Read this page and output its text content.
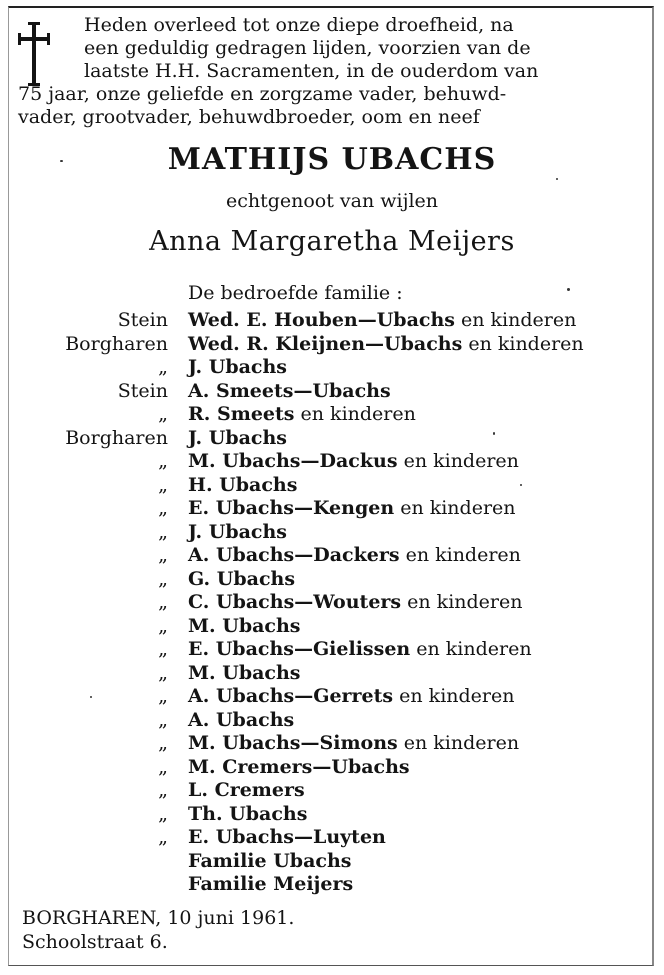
Heden overleed tot onze diepe droefheid, na
een geduldig gedragen lijden, voorzien van de
laatste H.H. Sacramenten, in de ouderdom van
75 jaar, onze geliefde en zorgzame vader, behuwd-
vader, grootvader, behuwdbroeder, oom en neef
MATHIJS UBACHS
echtgenoot van wijlen
Anna Margaretha Meijers
De bedroefde familie :
Stein Wed. E. Houben—Ubachs en kinderen
Borgharen Wed. R. Kleijnen—Ubachs en kinderen
„ J. Ubachs
Stein A. Smeets—Ubachs
„ R. Smeets en kinderen
Borgharen J. Ubachs
„ M. Ubachs—Dackus en kinderen
„ H. Ubachs
„ E. Ubachs—Kengen en kinderen
„ J. Ubachs
„ A. Ubachs—Dackers en kinderen
„ G. Ubachs
„ C. Ubachs—Wouters en kinderen
„ M. Ubachs
„ E. Ubachs—Gielissen en kinderen
„ M. Ubachs
„ A. Ubachs—Gerrets en kinderen
„ A. Ubachs
„ M. Ubachs—Simons en kinderen
„ M. Cremers—Ubachs
„ L. Cremers
„ Th. Ubachs
„ E. Ubachs—Luyten
Familie Ubachs
Familie Meijers
BORGHAREN, 10 juni 1961.
Schoolstraat 6.
